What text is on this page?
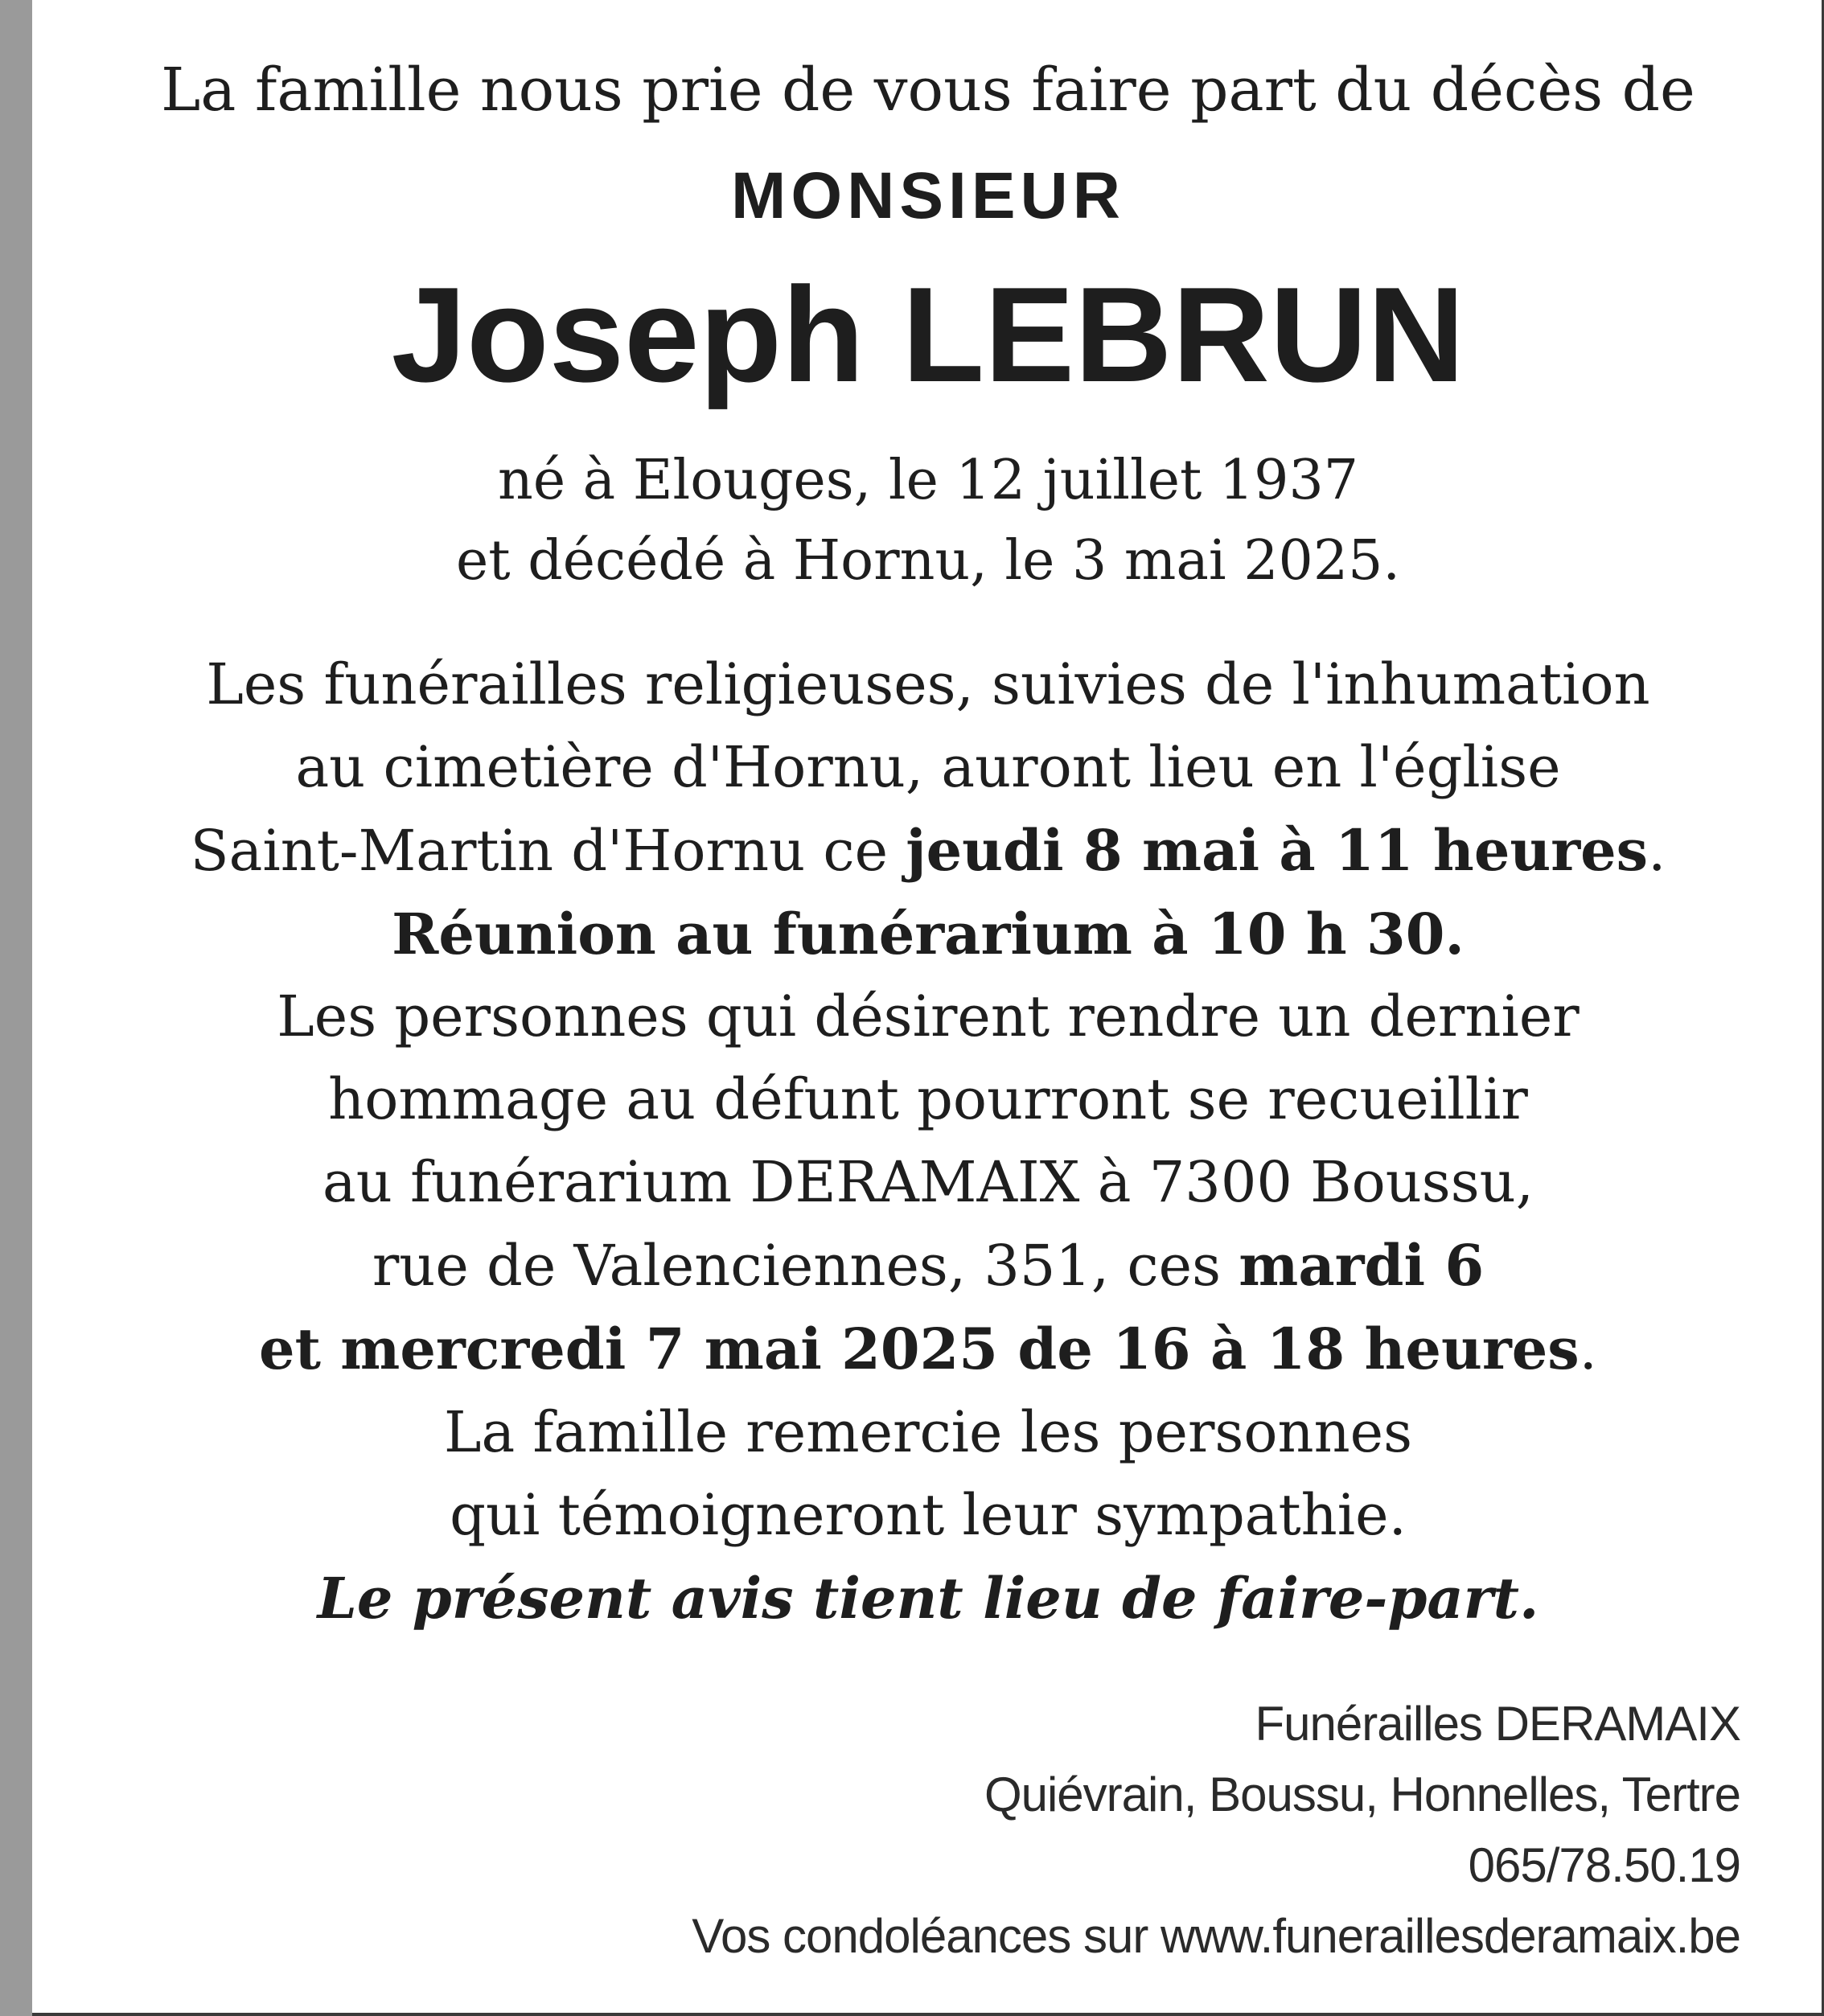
La famille nous prie de vous faire part du décès de
MONSIEUR
Joseph LEBRUN
né à Elouges, le 12 juillet 1937
et décédé à Hornu, le 3 mai 2025.
Les funérailles religieuses, suivies de l'inhumation
au cimetière d'Hornu, auront lieu en l'église
Saint-Martin d'Hornu ce jeudi 8 mai à 11 heures.
Réunion au funérarium à 10 h 30.
Les personnes qui désirent rendre un dernier
hommage au défunt pourront se recueillir
au funérarium DERAMAIX à 7300 Boussu,
rue de Valenciennes, 351, ces mardi 6
et mercredi 7 mai 2025 de 16 à 18 heures.
La famille remercie les personnes
qui témoigneront leur sympathie.
Le présent avis tient lieu de faire-part.
Funérailles DERAMAIX
Quiévrain, Boussu, Honnelles, Tertre
065/78.50.19
Vos condoléances sur www.funeraillesderamaix.be
